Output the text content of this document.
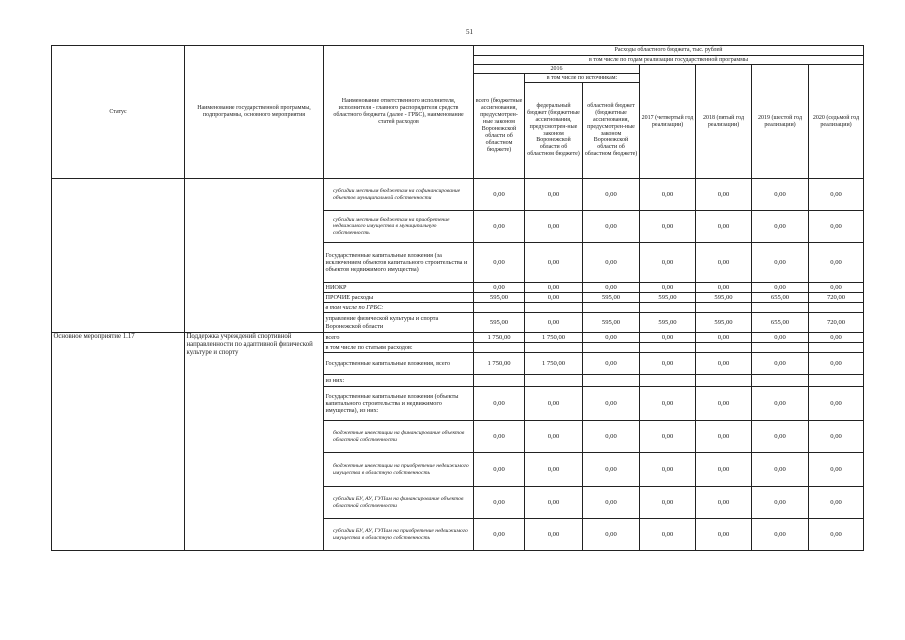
51
Статус	Наименование государственной программы, подпрограммы, основного мероприятия	Наименование ответственного исполнителя, исполнителя - главного распорядителя средств областного бюджета (далее - ГРБС), наименование статей расходов	Расходы областного бюджета, тыс. рублей						
			в том числе по годам реализации государственной программы						
			2016			2017 (четвертый год реализации)	2018 (пятый год реализации)	2019 (шестой год реализации)	2020 (седьмой год реализации)
			всего (бюджетные ассигнования, предусмотрен-ные законом Воронежской области об областном бюджете)	в том числе по источникам:					
				федеральный бюджет (бюджетные ассигнования, предусмотрен-ные законом Воронежской области об областном бюджете)	областной бюджет (бюджетные ассигнования, предусмотрен-ные законом Воронежской области об областном бюджете)				
		субсидии местным бюджетам на софинансирование объектов муниципальной собственности	0,00	0,00	0,00	0,00	0,00	0,00	0,00
		субсидии местным бюджетам на приобретение недвижимого имущества в муниципальную собственность	0,00	0,00	0,00	0,00	0,00	0,00	0,00
		Государственные капитальные вложения (за исключением объектов капитального строительства и объектов недвижимого имущества)	0,00	0,00	0,00	0,00	0,00	0,00	0,00
		НИОКР	0,00	0,00	0,00	0,00	0,00	0,00	0,00
		ПРОЧИЕ расходы	595,00	0,00	595,00	595,00	595,00	655,00	720,00
		в том числе по ГРБС:							
		управление физической культуры и спорта Воронежской области	595,00	0,00	595,00	595,00	595,00	655,00	720,00
Основное мероприятие 1.17	Поддержка учреждений спортивной направленности по адаптивной физической культуре и спорту	всего	1 750,00	1 750,00	0,00	0,00	0,00	0,00	0,00
		в том числе по статьям расходов:							
		Государственные капитальные вложения, всего	1 750,00	1 750,00	0,00	0,00	0,00	0,00	0,00
		из них:							
		Государственные капитальные вложения (объекты капитального строительства и недвижимого имущества), из них:	0,00	0,00	0,00	0,00	0,00	0,00	0,00
		бюджетные инвестиции на финансирование объектов областной собственности	0,00	0,00	0,00	0,00	0,00	0,00	0,00
		бюджетные инвестиции на приобретение недвижимого имущества в областную собственность	0,00	0,00	0,00	0,00	0,00	0,00	0,00
		субсидии БУ, АУ, ГУПам на финансирование объектов областной собственности	0,00	0,00	0,00	0,00	0,00	0,00	0,00
		субсидии БУ, АУ, ГУПам на приобретение недвижимого имущества в областную собственность	0,00	0,00	0,00	0,00	0,00	0,00	0,00
